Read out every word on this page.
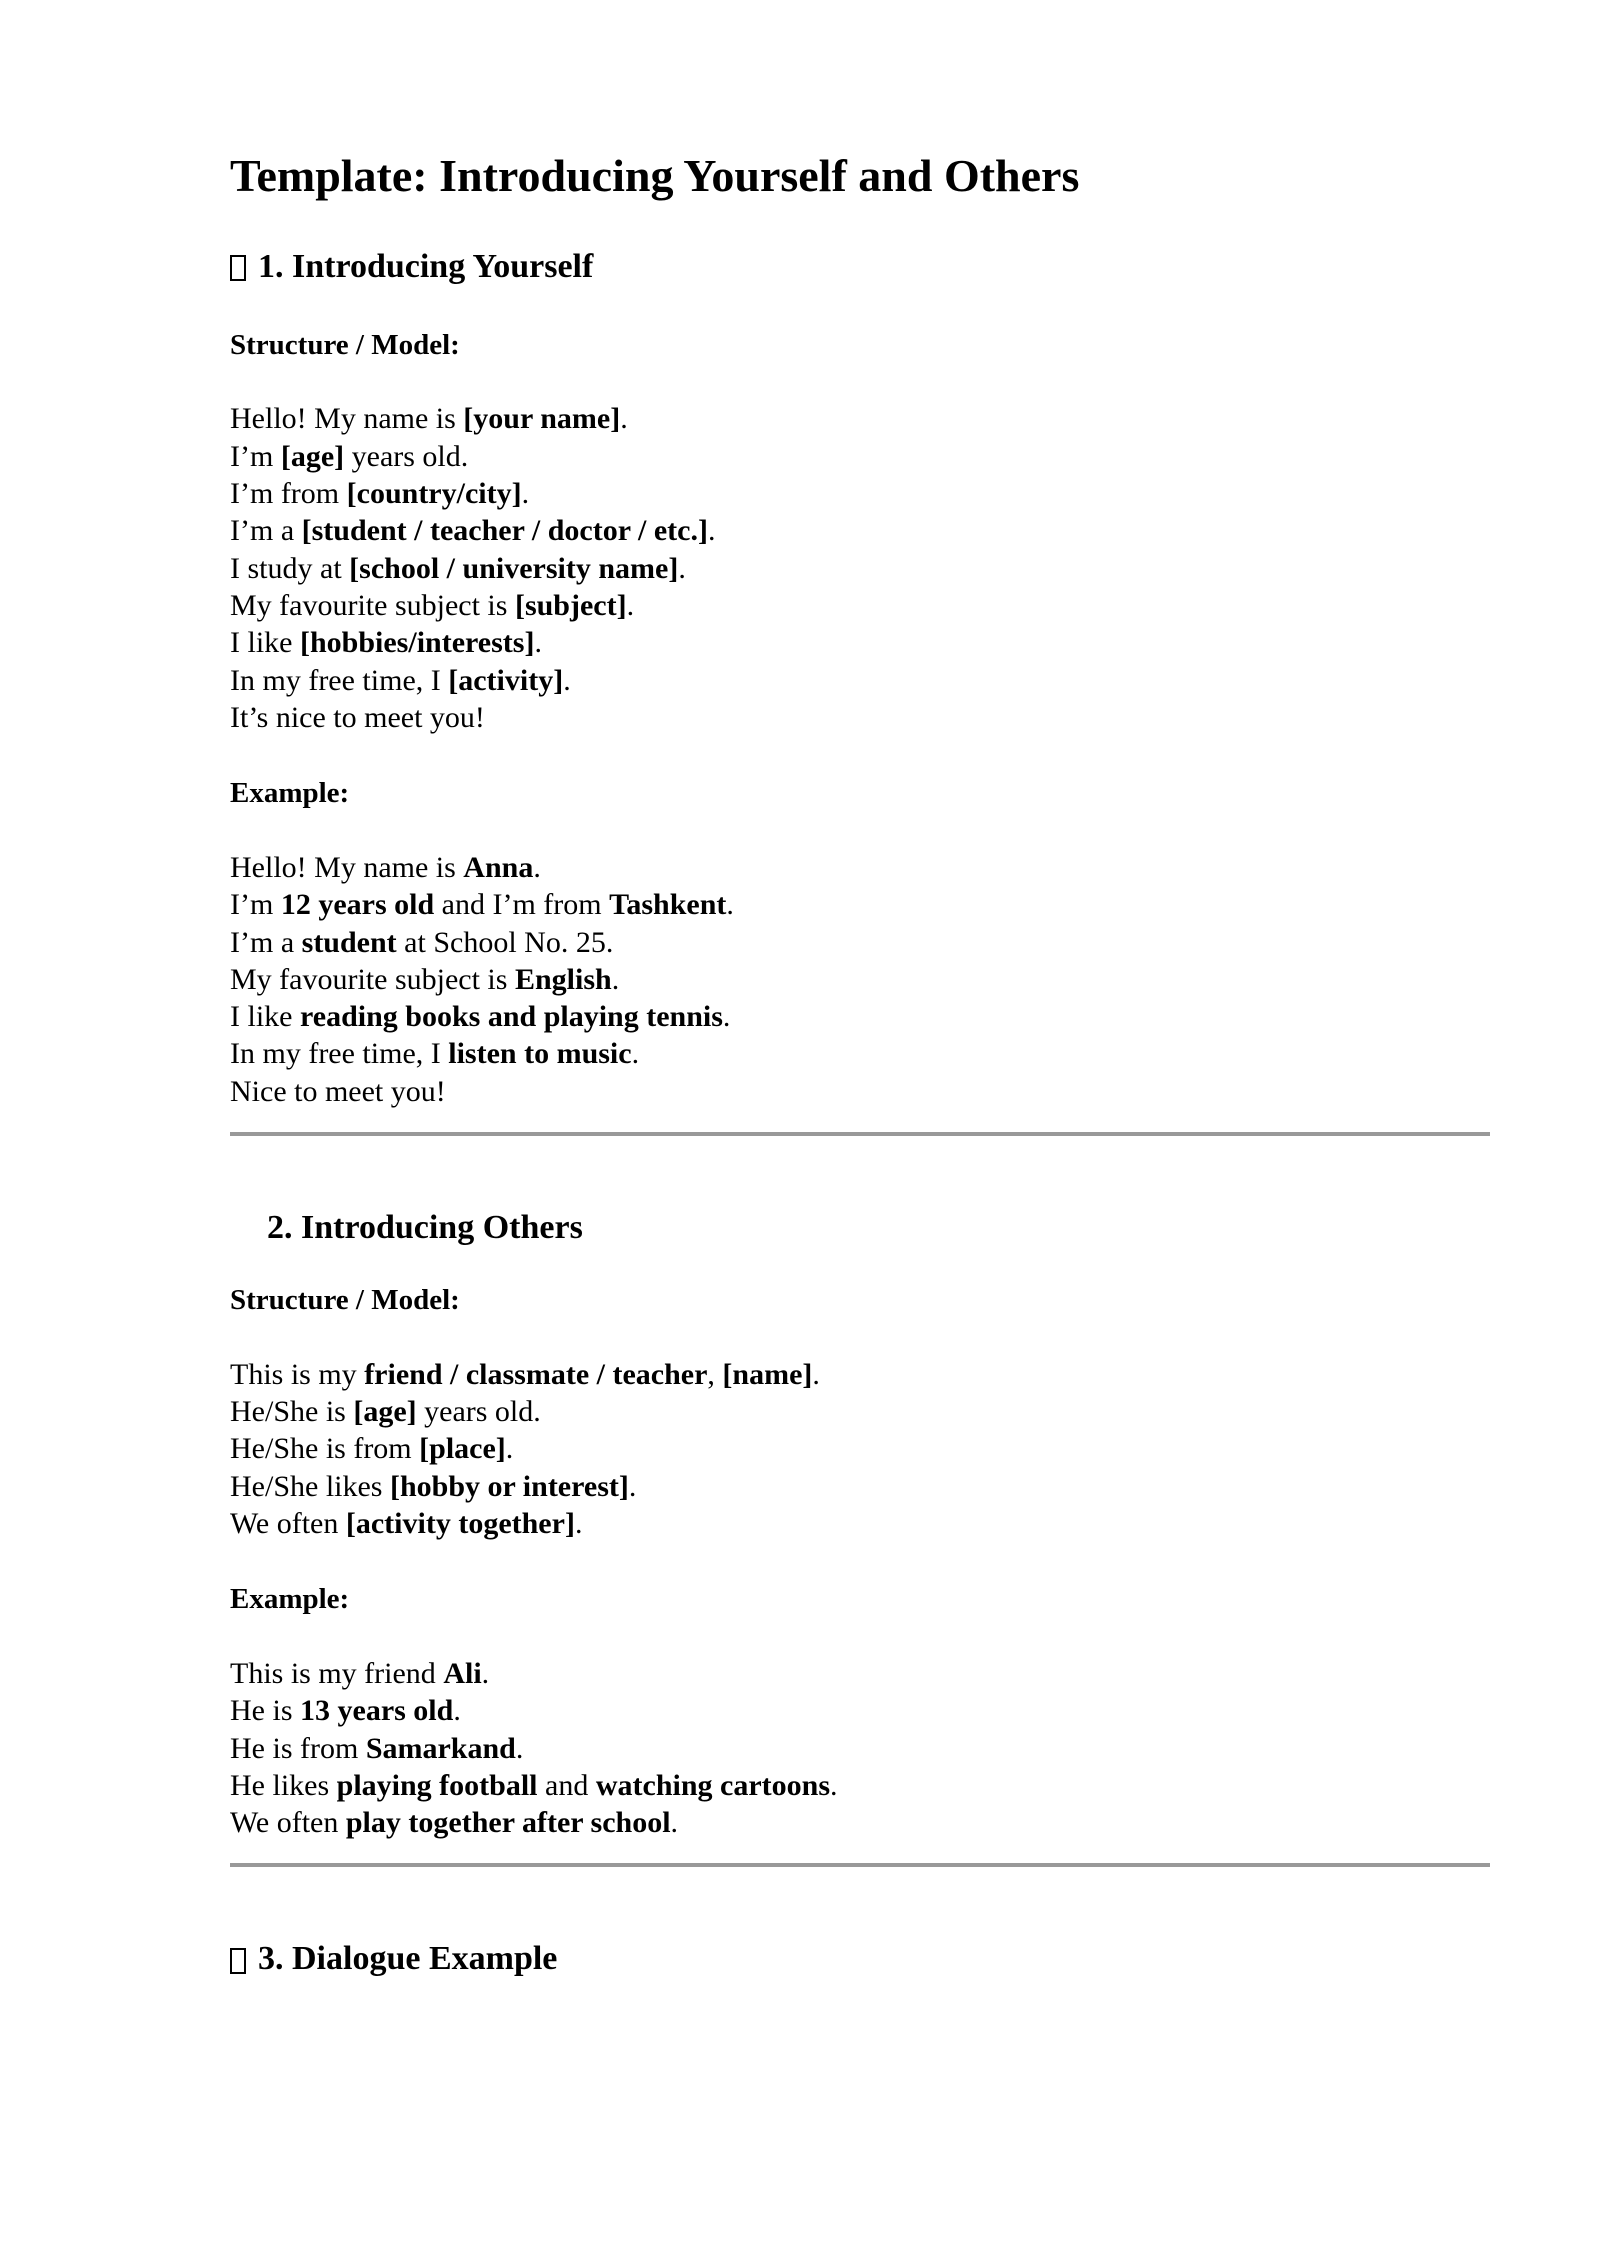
Template: Introducing Yourself and Others
1. Introducing Yourself
Structure / Model:
Hello! My name is [your name].
I’m [age] years old.
I’m from [country/city].
I’m a [student / teacher / doctor / etc.].
I study at [school / university name].
My favourite subject is [subject].
I like [hobbies/interests].
In my free time, I [activity].
It’s nice to meet you!
Example:
Hello! My name is Anna.
I’m 12 years old and I’m from Tashkent.
I’m a student at School No. 25.
My favourite subject is English.
I like reading books and playing tennis.
In my free time, I listen to music.
Nice to meet you!
2. Introducing Others
Structure / Model:
This is my friend / classmate / teacher, [name].
He/She is [age] years old.
He/She is from [place].
He/She likes [hobby or interest].
We often [activity together].
Example:
This is my friend Ali.
He is 13 years old.
He is from Samarkand.
He likes playing football and watching cartoons.
We often play together after school.
3. Dialogue Example
